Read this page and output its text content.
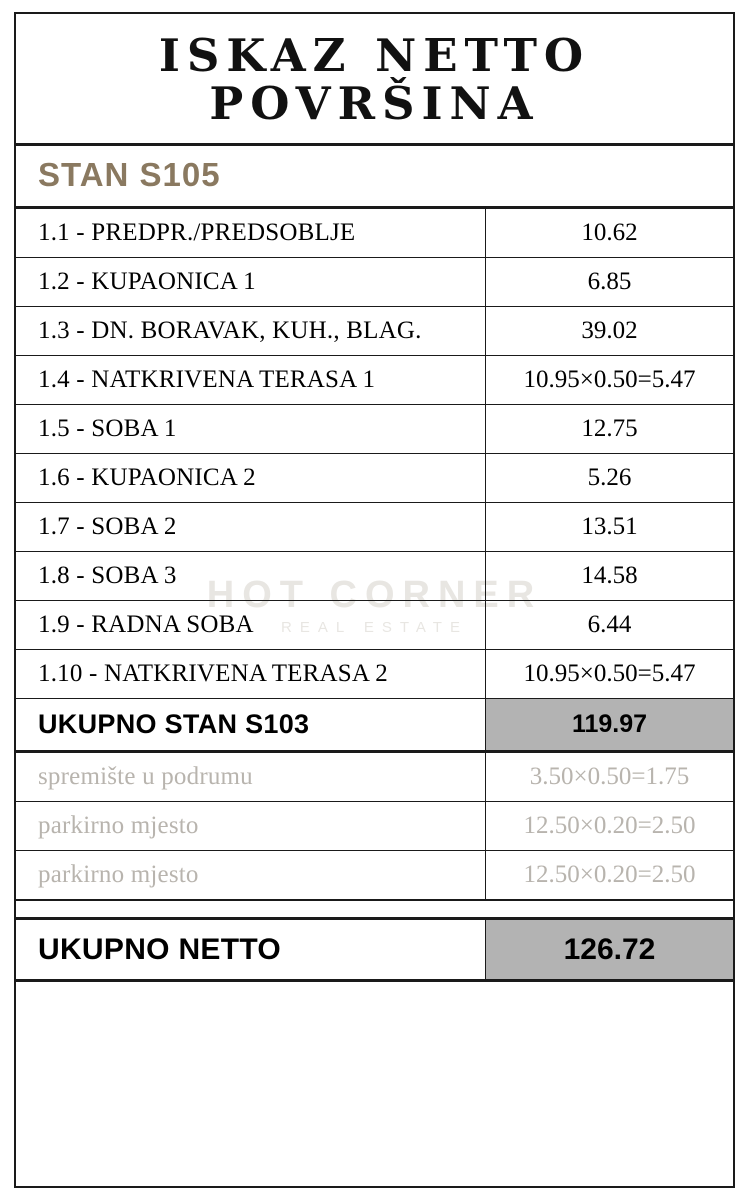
HOT CORNER
REAL ESTATE
ISKAZ NETTO
POVRŠINA
STAN S105
1.1 - PREDPR./PREDSOBLJE	10.62
1.2 - KUPAONICA 1	6.85
1.3 - DN. BORAVAK, KUH., BLAG.	39.02
1.4 - NATKRIVENA TERASA 1	10.95×0.50=5.47
1.5 - SOBA 1	12.75
1.6 - KUPAONICA 2	5.26
1.7 - SOBA 2	13.51
1.8 - SOBA 3	14.58
1.9 - RADNA SOBA	6.44
1.10 - NATKRIVENA TERASA 2	10.95×0.50=5.47
UKUPNO STAN S103	119.97
spremište u podrumu	3.50×0.50=1.75
parkirno mjesto	12.50×0.20=2.50
parkirno mjesto	12.50×0.20=2.50
UKUPNO NETTO	126.72
